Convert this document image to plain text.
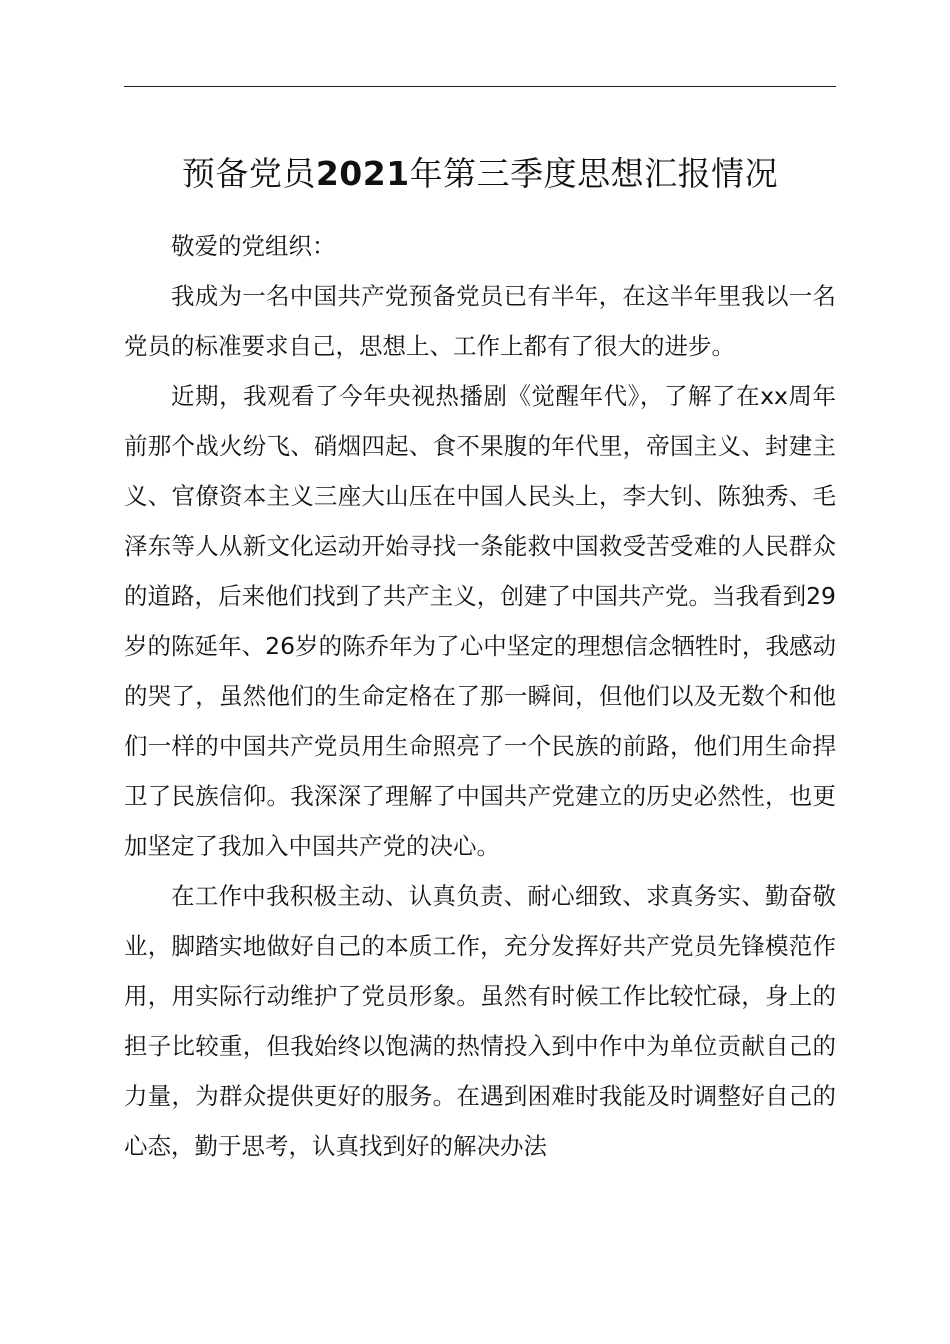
预备党员2021年第三季度思想汇报情况

敬爱的党组织：

我成为一名中国共产党预备党员已有半年，在这半年里我以一名党员的标准要求自己，思想上、工作上都有了很大的进步。

近期，我观看了今年央视热播剧《觉醒年代》，了解了在xx周年前那个战火纷飞、硝烟四起、食不果腹的年代里，帝国主义、封建主义、官僚资本主义三座大山压在中国人民头上，李大钊、陈独秀、毛泽东等人从新文化运动开始寻找一条能救中国救受苦受难的人民群众的道路，后来他们找到了共产主义，创建了中国共产党。当我看到29岁的陈延年、26岁的陈乔年为了心中坚定的理想信念牺牲时，我感动的哭了，虽然他们的生命定格在了那一瞬间，但他们以及无数个和他们一样的中国共产党员用生命照亮了一个民族的前路，他们用生命捍卫了民族信仰。我深深了理解了中国共产党建立的历史必然性，也更加坚定了我加入中国共产党的决心。

在工作中我积极主动、认真负责、耐心细致、求真务实、勤奋敬业，脚踏实地做好自己的本质工作，充分发挥好共产党员先锋模范作用，用实际行动维护了党员形象。虽然有时候工作比较忙碌，身上的担子比较重，但我始终以饱满的热情投入到中作中为单位贡献自己的力量，为群众提供更好的服务。在遇到困难时我能及时调整好自己的心态，勤于思考，认真找到好的解决办法
